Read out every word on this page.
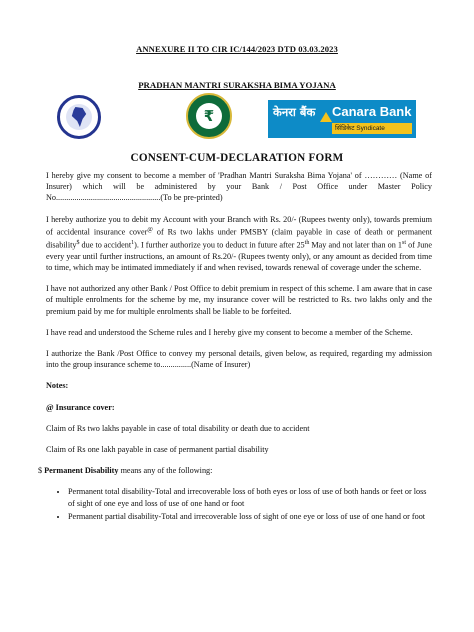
ANNEXURE II TO CIR IC/144/2023 DTD 03.03.2023
PRADHAN MANTRI SURAKSHA BIMA YOJANA
₹	केनरा बैंक Canara Bank
सिंडिकेट Syndicate
CONSENT-CUM-DECLARATION FORM

I hereby give my consent to become a member of 'Pradhan Mantri Suraksha Bima Yojana' of ………… (Name of Insurer) which will be administered by your Bank / Post Office under Master Policy No...................................................(To be pre-printed)

I hereby authorize you to debit my Account with your Branch with Rs. 20/- (Rupees twenty only), towards premium of accidental insurance cover@ of Rs two lakhs under PMSBY (claim payable in case of death or permanent disability$ due to accident$^1$). I further authorize you to deduct in future after 25th May and not later than on 1st of June every year until further instructions, an amount of Rs.20/- (Rupees twenty only), or any amount as decided from time to time, which may be intimated immediately if and when revised, towards renewal of coverage under the scheme.

I have not authorized any other Bank / Post Office to debit premium in respect of this scheme. I am aware that in case of multiple enrolments for the scheme by me, my insurance cover will be restricted to Rs. two lakhs only and the premium paid by me for multiple enrolments shall be liable to be forfeited.

I have read and understood the Scheme rules and I hereby give my consent to become a member of the Scheme.

I authorize the Bank /Post Office to convey my personal details, given below, as required, regarding my admission into the group insurance scheme to...............(Name of Insurer)

Notes:

@ Insurance cover:

Claim of Rs two lakhs payable in case of total disability or death due to accident

Claim of Rs one lakh payable in case of permanent partial disability

$ Permanent Disability means any of the following:

• Permanent total disability-Total and irrecoverable loss of both eyes or loss of use of both hands or feet or loss of sight of one eye and loss of use of one hand or foot
• Permanent partial disability-Total and irrecoverable loss of sight of one eye or loss of use of one hand or foot
